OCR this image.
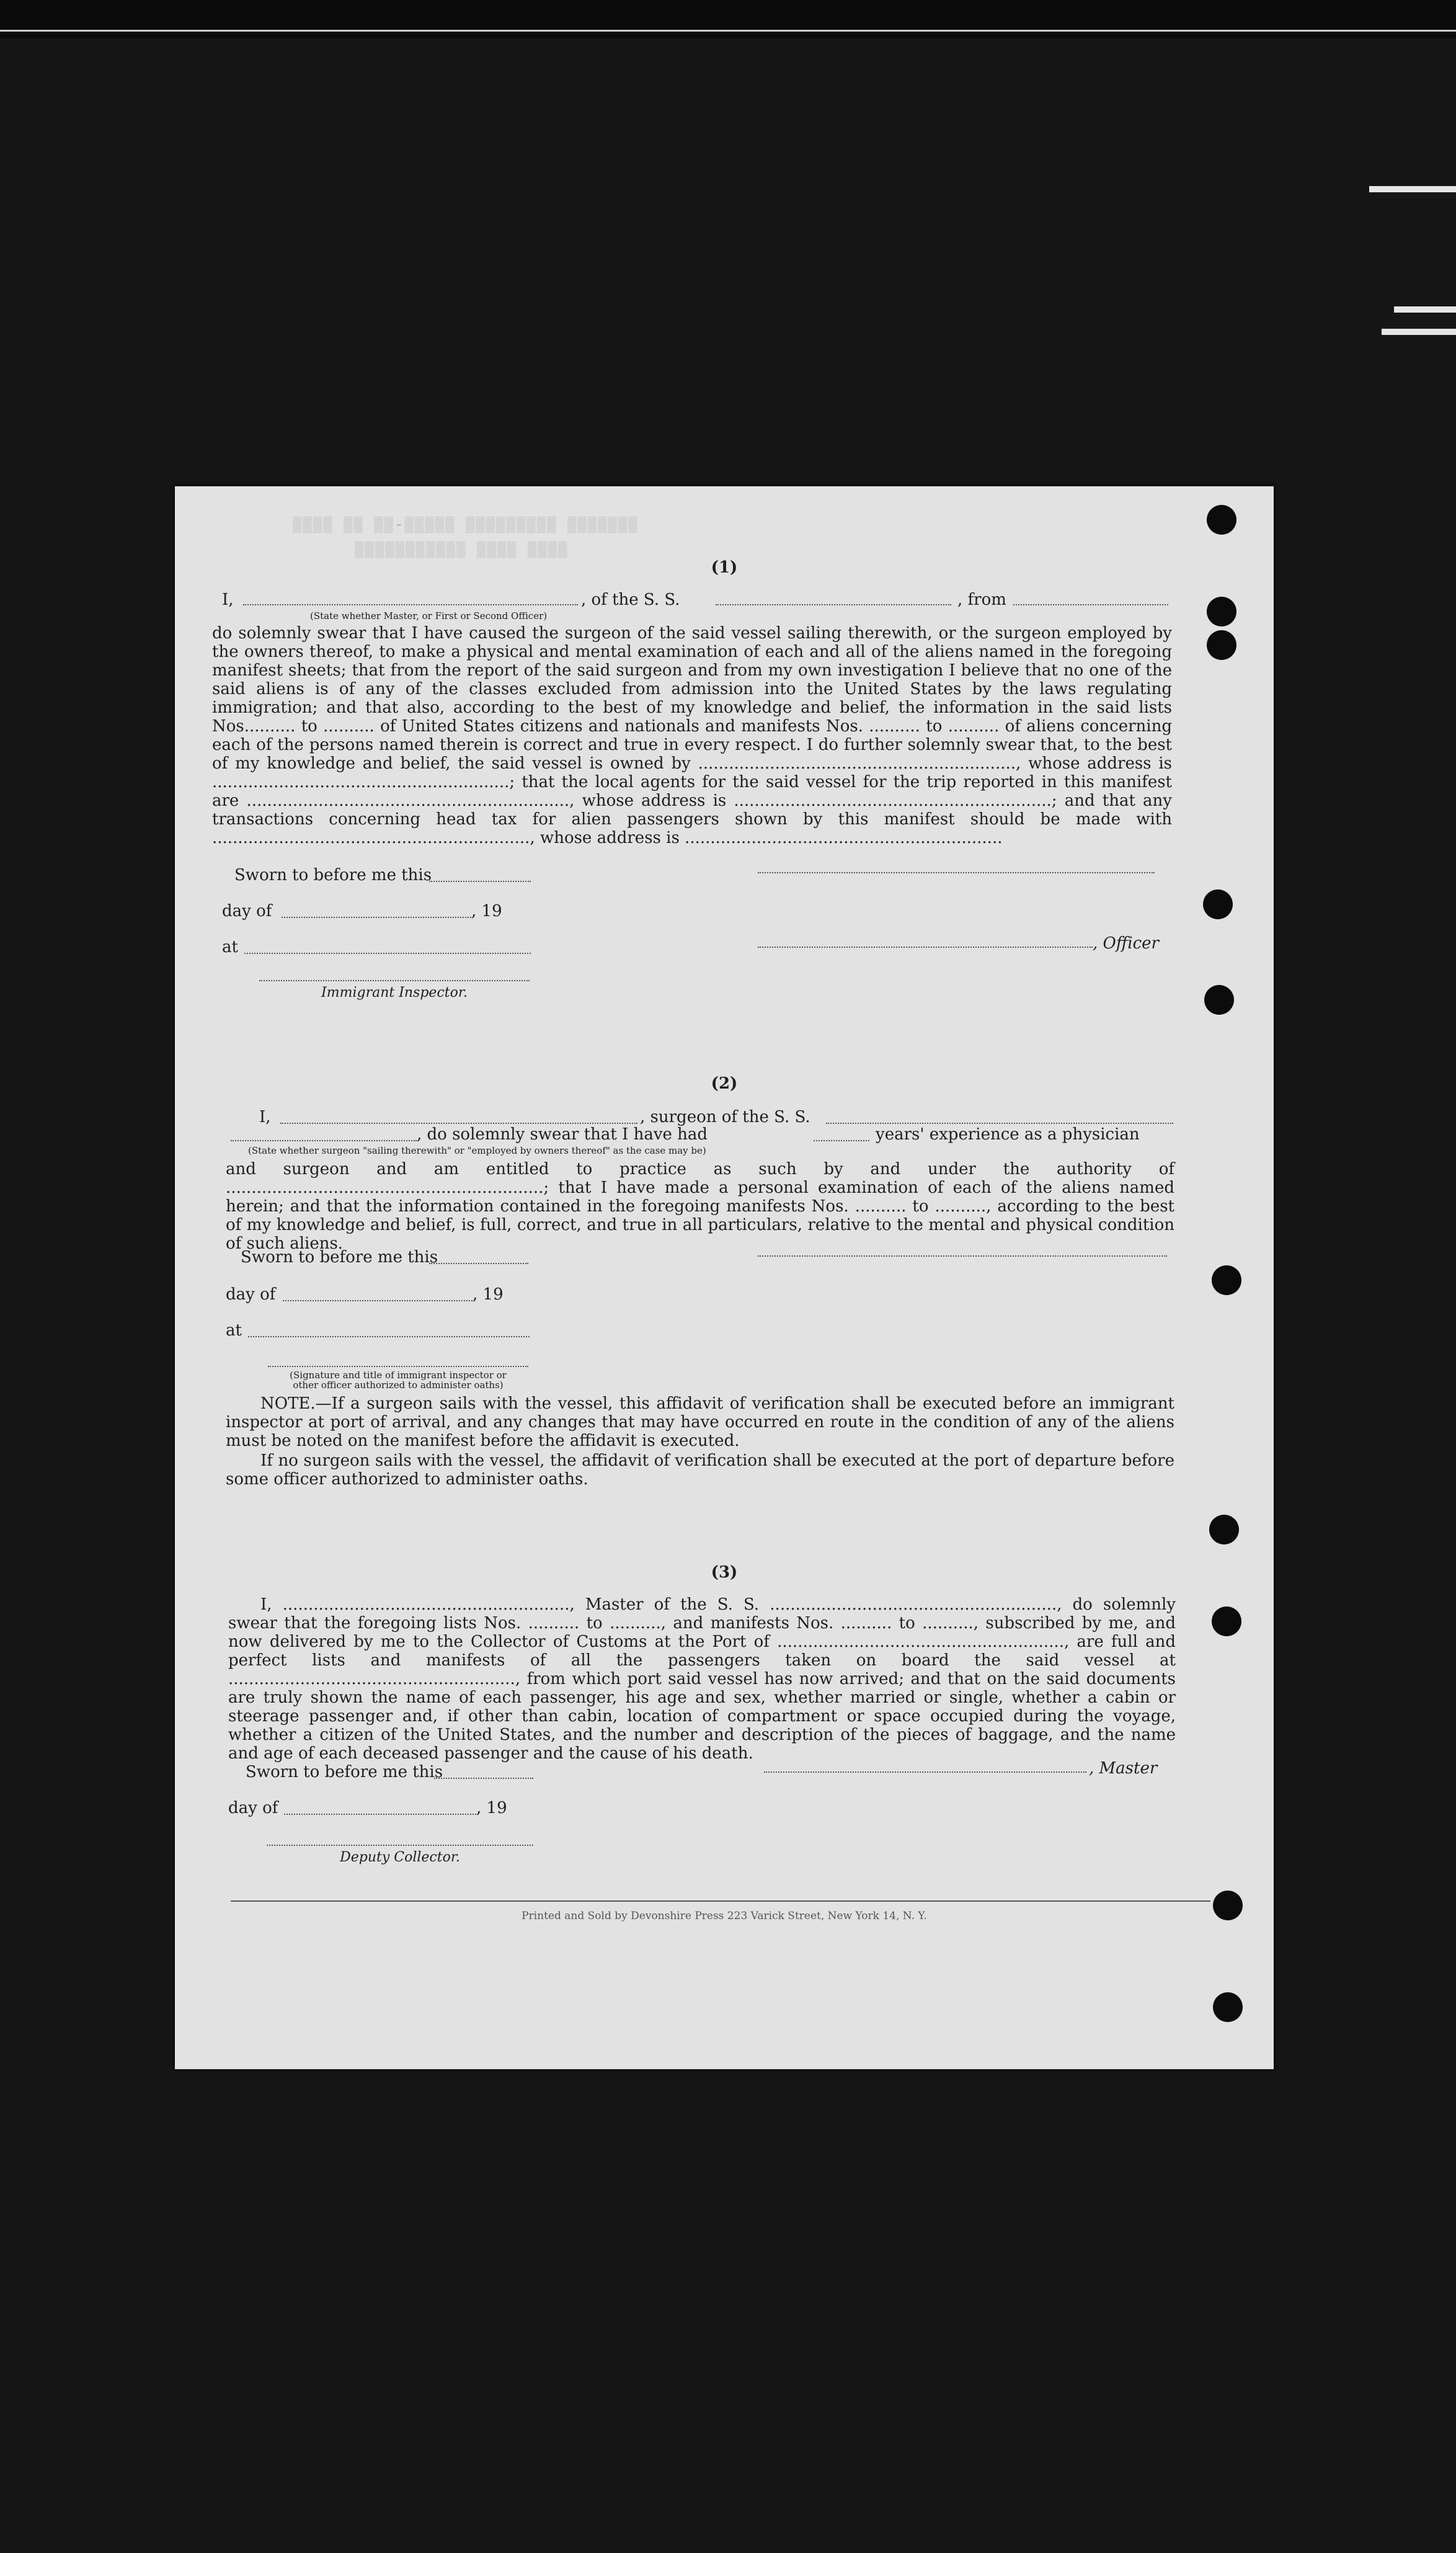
▒▒▒▒ ▒▒ ▒▒-▒▒▒▒▒ ▒▒▒▒▒▒▒▒▒ ▒▒▒▒▒▒▒
▒▒▒▒▒▒▒▒▒▒▒ ▒▒▒▒ ▒▒▒▒
(1)
I,	, of the S. S.	, from
(State whether Master, or First or Second Officer)
do solemnly swear that I have caused the surgeon of the said vessel sailing therewith, or the surgeon employed by the owners thereof, to make a physical and mental examination of each and all of the aliens named in the foregoing manifest sheets; that from the report of the said surgeon and from my own investigation I believe that no one of the said aliens is of any of the classes excluded from admission into the United States by the laws regulating immigration; and that also, according to the best of my knowledge and belief, the information in the said lists Nos.......... to .......... of United States citizens and nationals and manifests Nos. .......... to .......... of aliens concerning each of the persons named therein is correct and true in every respect. I do further solemnly swear that, to the best of my knowledge and belief, the said vessel is owned by .............................................................., whose address is ..........................................................; that the local agents for the said vessel for the trip reported in this manifest are ..............................................................., whose address is ..............................................................; and that any transactions concerning head tax for alien passengers shown by this manifest should be made with .............................................................., whose address is ..............................................................
Sworn to before me this
day of	, 19
at	, Officer
Immigrant Inspector.
(2)
I,	, surgeon of the S. S.
, do solemnly swear that I have had	years' experience as a physician
(State whether surgeon "sailing therewith" or "employed by owners thereof" as the case may be)
and surgeon and am entitled to practice as such by and under the authority of ..............................................................; that I have made a personal examination of each of the aliens named herein; and that the information contained in the foregoing manifests Nos. .......... to .........., according to the best of my knowledge and belief, is full, correct, and true in all particulars, relative to the mental and physical condition of such aliens.
Sworn to before me this
day of	, 19
at
(Signature and title of immigrant inspector or
other officer authorized to administer oaths)
NOTE.—If a surgeon sails with the vessel, this affidavit of verification shall be executed before an immigrant inspector at port of arrival, and any changes that may have occurred en route in the condition of any of the aliens must be noted on the manifest before the affidavit is executed.
If no surgeon sails with the vessel, the affidavit of verification shall be executed at the port of departure before some officer authorized to administer oaths.
(3)
I, ........................................................, Master of the S. S. ........................................................, do solemnly swear that the foregoing lists Nos. .......... to .........., and manifests Nos. .......... to .........., subscribed by me, and now delivered by me to the Collector of Customs at the Port of ........................................................, are full and perfect lists and manifests of all the passengers taken on board the said vessel at ........................................................, from which port said vessel has now arrived; and that on the said documents are truly shown the name of each passenger, his age and sex, whether married or single, whether a cabin or steerage passenger and, if other than cabin, location of compartment or space occupied during the voyage, whether a citizen of the United States, and the number and description of the pieces of baggage, and the name and age of each deceased passenger and the cause of his death.
Sworn to before me this	, Master
day of	, 19
Deputy Collector.
Printed and Sold by Devonshire Press 223 Varick Street, New York 14, N. Y.
